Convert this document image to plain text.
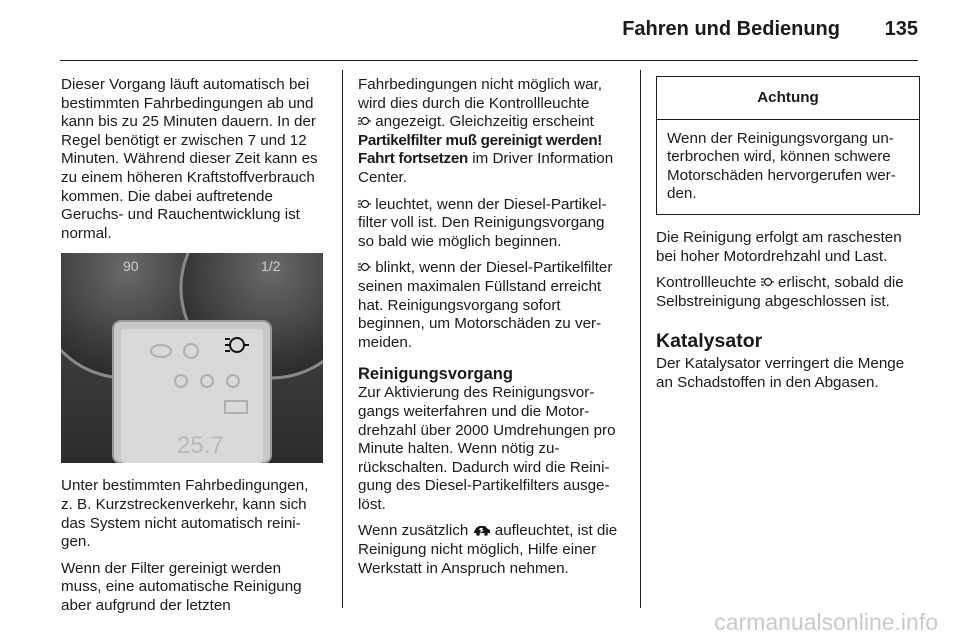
Fahren und Bedienung 135

Dieser Vorgang läuft automatisch bei bestimmten Fahrbedingungen ab und kann bis zu 25 Minuten dauern. In der Regel benötigt er zwischen 7 und 12 Minuten. Während dieser Zeit kann es zu einem höheren Kraftstoffverbrauch kommen. Die dabei auftretende Geruchs- und Rauchentwicklung ist normal.

90	1/2
25.7

Unter bestimmten Fahrbedingungen, z. B. Kurzstreckenverkehr, kann sich das System nicht automatisch reinigen.

Wenn der Filter gereinigt werden muss, eine automatische Reinigung aber aufgrund der letzten

Fahrbedingungen nicht möglich war, wird dies durch die Kontrollleuchte
angezeigt. Gleichzeitig erscheint Partikelfilter muß gereinigt werden! Fahrt fortsetzen im Driver Information Center.

leuchtet, wenn der Diesel-Partikelfilter voll ist. Den Reinigungsvorgang so bald wie möglich beginnen.

blinkt, wenn der Diesel-Partikelfilter seinen maximalen Füllstand erreicht hat. Reinigungsvorgang sofort beginnen, um Motorschäden zu vermeiden.

Reinigungsvorgang

Zur Aktivierung des Reinigungsvorgangs weiterfahren und die Motordrehzahl über 2000 Umdrehungen pro Minute halten. Wenn nötig zurückschalten. Dadurch wird die Reinigung des Diesel-Partikelfilters ausgelöst.

Wenn zusätzlich aufleuchtet, ist die Reinigung nicht möglich, Hilfe einer Werkstatt in Anspruch nehmen.

Achtung
Wenn der Reinigungsvorgang unterbrochen wird, können schwere Motorschäden hervorgerufen werden.

Die Reinigung erfolgt am raschesten bei hoher Motordrehzahl und Last.

Kontrollleuchte erlischt, sobald die Selbstreinigung abgeschlossen ist.

Katalysator

Der Katalysator verringert die Menge an Schadstoffen in den Abgasen.

carmanualsonline.info
